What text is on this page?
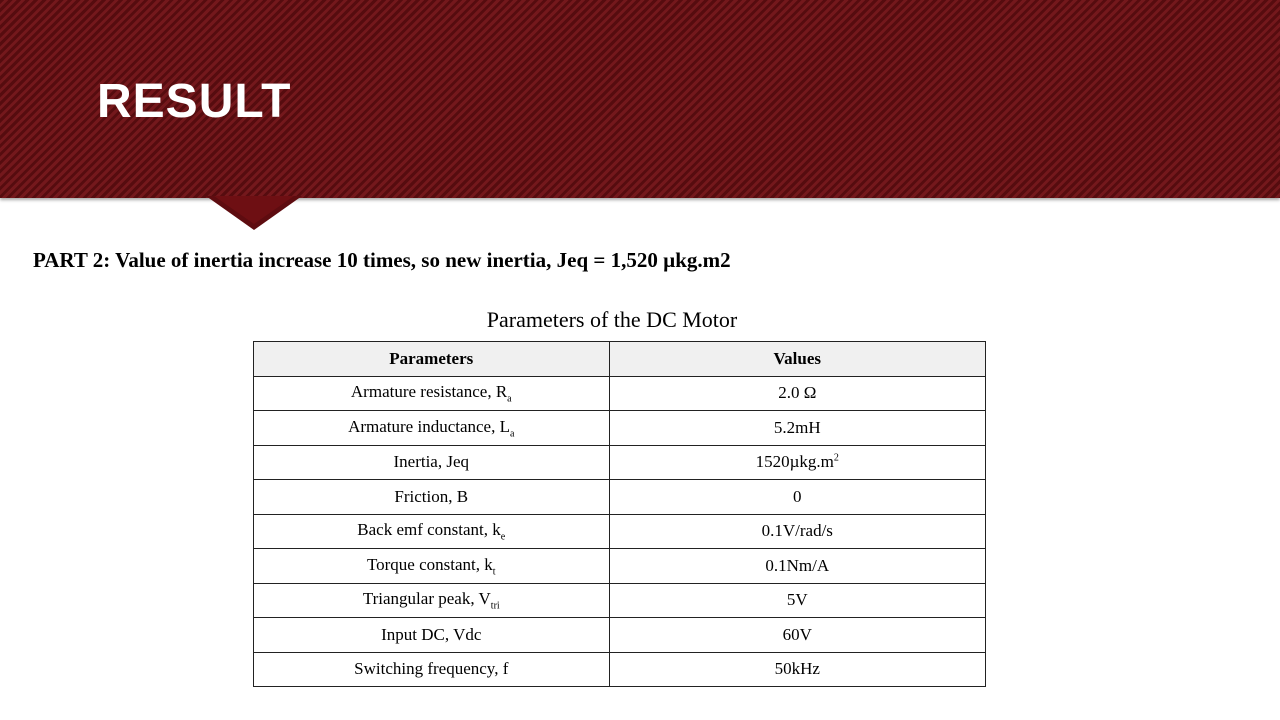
RESULT
PART 2: Value of inertia increase 10 times, so new inertia, Jeq = 1,520 µkg.m2
Parameters of the DC Motor
Parameters	Values
Armature resistance, $R_a$	2.0 Ω
Armature inductance, $L_a$	5.2mH
Inertia, Jeq	$1520\mu kg.m^2$
Friction, B	0
Back emf constant, $k_e$	0.1V/rad/s
Torque constant, $k_t$	0.1Nm/A
Triangular peak, $V_{tri}$	5V
Input DC, Vdc	60V
Switching frequency, f	50kHz
